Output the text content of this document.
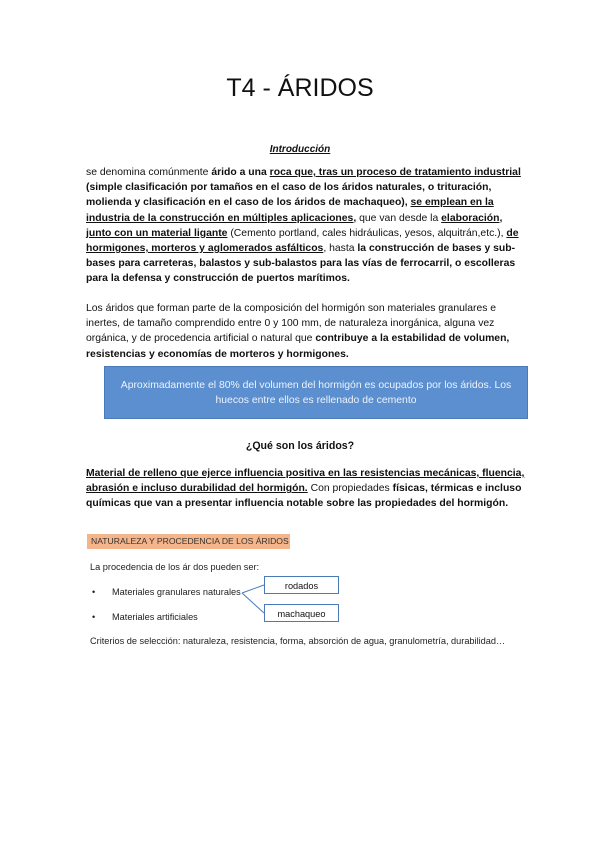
T4 - ÁRIDOS
Introducción
se denomina comúnmente árido a una roca que, tras un proceso de tratamiento industrial (simple clasificación por tamaños en el caso de los áridos naturales, o trituración, molienda y clasificación en el caso de los áridos de machaqueo), se emplean en la industria de la construcción en múltiples aplicaciones, que van desde la elaboración, junto con un material ligante (Cemento portland, cales hidráulicas, yesos, alquitrán,etc.), de hormigones, morteros y aglomerados asfálticos, hasta la construcción de bases y sub-bases para carreteras, balastos y sub-balastos para las vías de ferrocarril, o escolleras para la defensa y construcción de puertos marítimos.
Los áridos que forman parte de la composición del hormigón son materiales granulares e inertes, de tamaño comprendido entre 0 y 100 mm, de naturaleza inorgánica, alguna vez orgánica, y de procedencia artificial o natural que contribuye a la estabilidad de volumen, resistencias y economías de morteros y hormigones.
Aproximadamente el 80% del volumen del hormigón es ocupados por los áridos. Los huecos entre ellos es rellenado de cemento
¿Qué son los áridos?
Material de relleno que ejerce influencia positiva en las resistencias mecánicas, fluencia, abrasión e incluso durabilidad del hormigón. Con propiedades físicas, térmicas e incluso químicas que van a presentar influencia notable sobre las propiedades del hormigón.
NATURALEZA Y PROCEDENCIA DE LOS ÁRIDOS
La procedencia de los ár dos pueden ser:
• Materiales granulares naturales
• Materiales artificiales
rodados
machaqueo
Criterios de selección: naturaleza, resistencia, forma, absorción de agua, granulometría, durabilidad…
